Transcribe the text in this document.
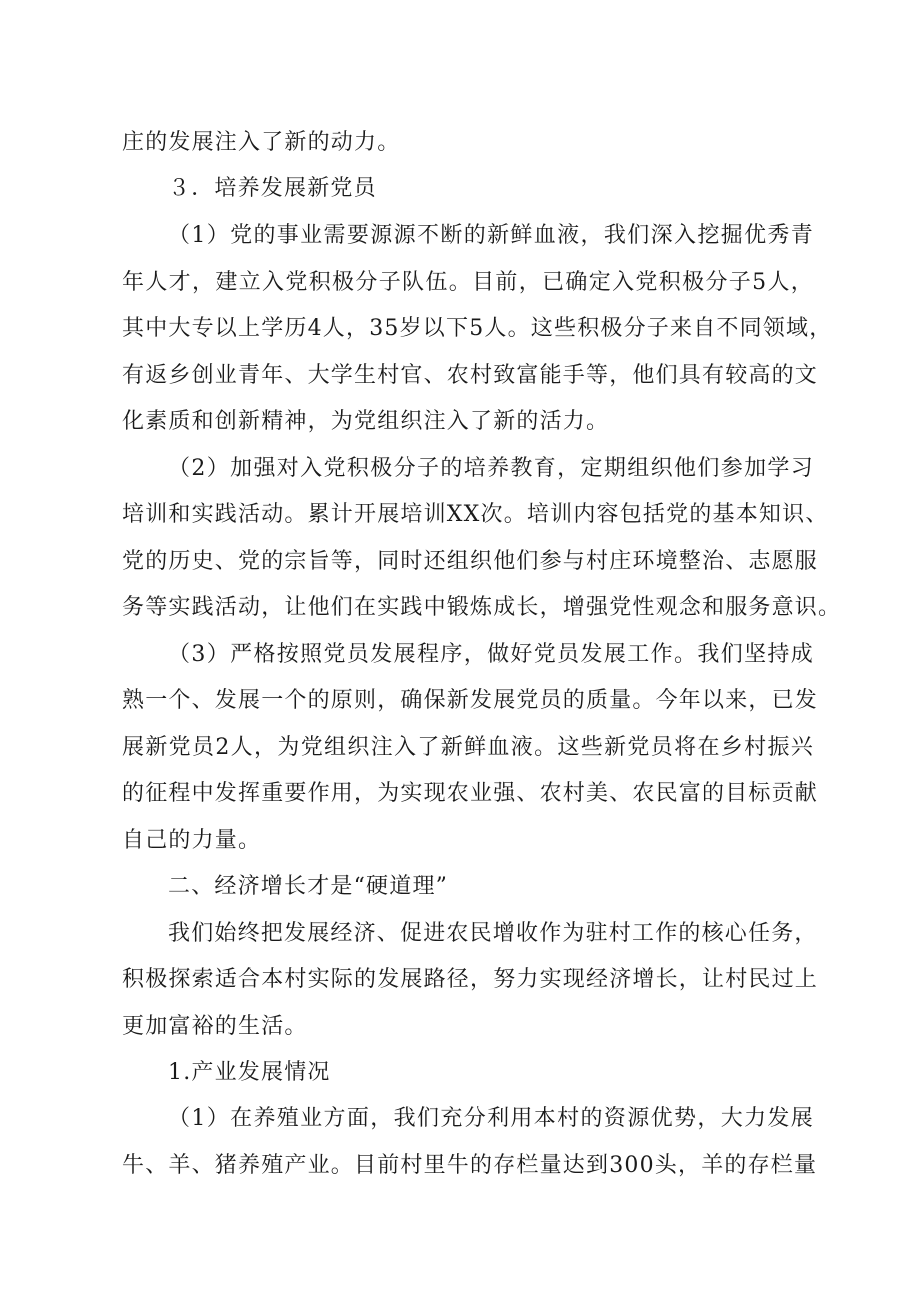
庄的发展注入了新的动力。
３．培养发展新党员
（1）党的事业需要源源不断的新鲜血液，我们深入挖掘优秀青
年人才，建立入党积极分子队伍。目前，已确定入党积极分子5人，
其中大专以上学历4人，35岁以下5人。这些积极分子来自不同领域，
有返乡创业青年、大学生村官、农村致富能手等，他们具有较高的文
化素质和创新精神，为党组织注入了新的活力。
（2）加强对入党积极分子的培养教育，定期组织他们参加学习
培训和实践活动。累计开展培训XX次。培训内容包括党的基本知识、
党的历史、党的宗旨等，同时还组织他们参与村庄环境整治、志愿服
务等实践活动，让他们在实践中锻炼成长，增强党性观念和服务意识。
（3）严格按照党员发展程序，做好党员发展工作。我们坚持成
熟一个、发展一个的原则，确保新发展党员的质量。今年以来，已发
展新党员2人，为党组织注入了新鲜血液。这些新党员将在乡村振兴
的征程中发挥重要作用，为实现农业强、农村美、农民富的目标贡献
自己的力量。
二、经济增长才是“硬道理”
我们始终把发展经济、促进农民增收作为驻村工作的核心任务，
积极探索适合本村实际的发展路径，努力实现经济增长，让村民过上
更加富裕的生活。
1.产业发展情况
（1）在养殖业方面，我们充分利用本村的资源优势，大力发展
牛、羊、猪养殖产业。目前村里牛的存栏量达到300头，羊的存栏量
